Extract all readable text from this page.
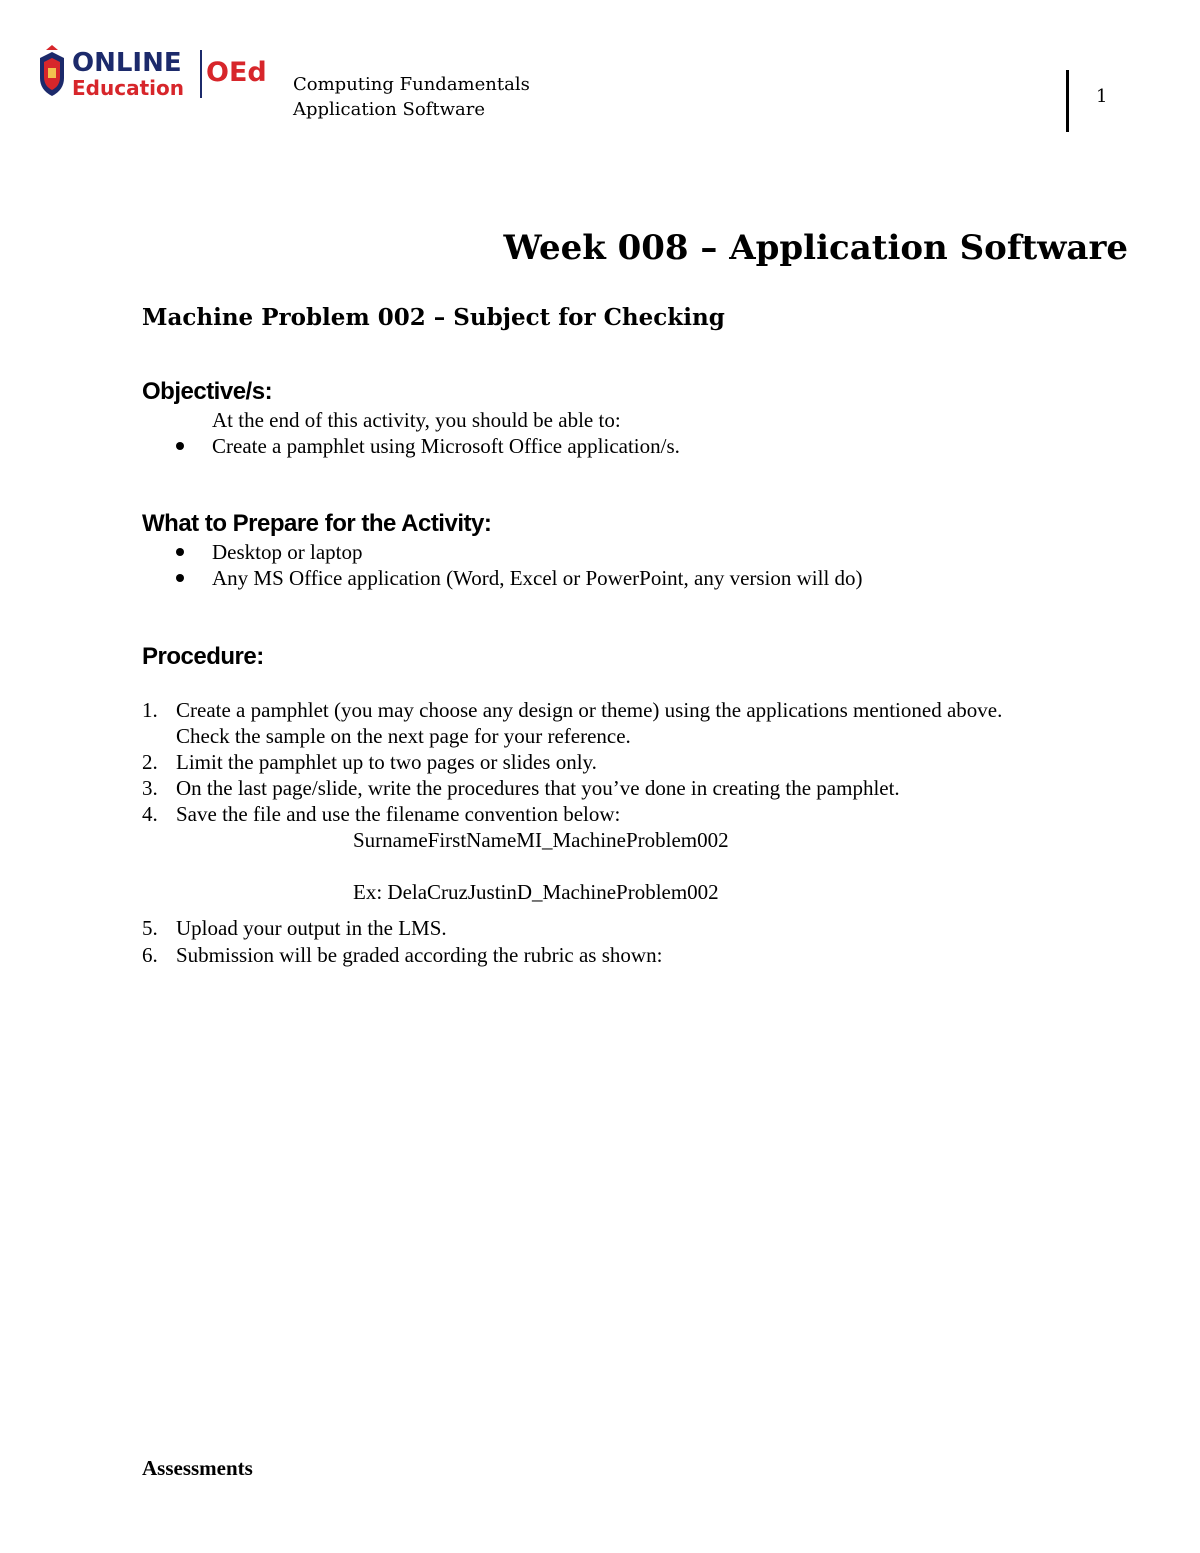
ONLINE
Education OEd Computing Fundamentals
Application Software
1
Week 008 – Application Software
Machine Problem 002 – Subject for Checking
Objective/s:
At the end of this activity, you should be able to:
Create a pamphlet using Microsoft Office application/s.
What to Prepare for the Activity:
Desktop or laptop
Any MS Office application (Word, Excel or PowerPoint, any version will do)
Procedure:
1. Create a pamphlet (you may choose any design or theme) using the applications mentioned above.
Check the sample on the next page for your reference.
2. Limit the pamphlet up to two pages or slides only.
3. On the last page/slide, write the procedures that you’ve done in creating the pamphlet.
4. Save the file and use the filename convention below:
SurnameFirstNameMI_MachineProblem002
Ex: DelaCruzJustinD_MachineProblem002
5. Upload your output in the LMS.
6. Submission will be graded according the rubric as shown:
Assessments
